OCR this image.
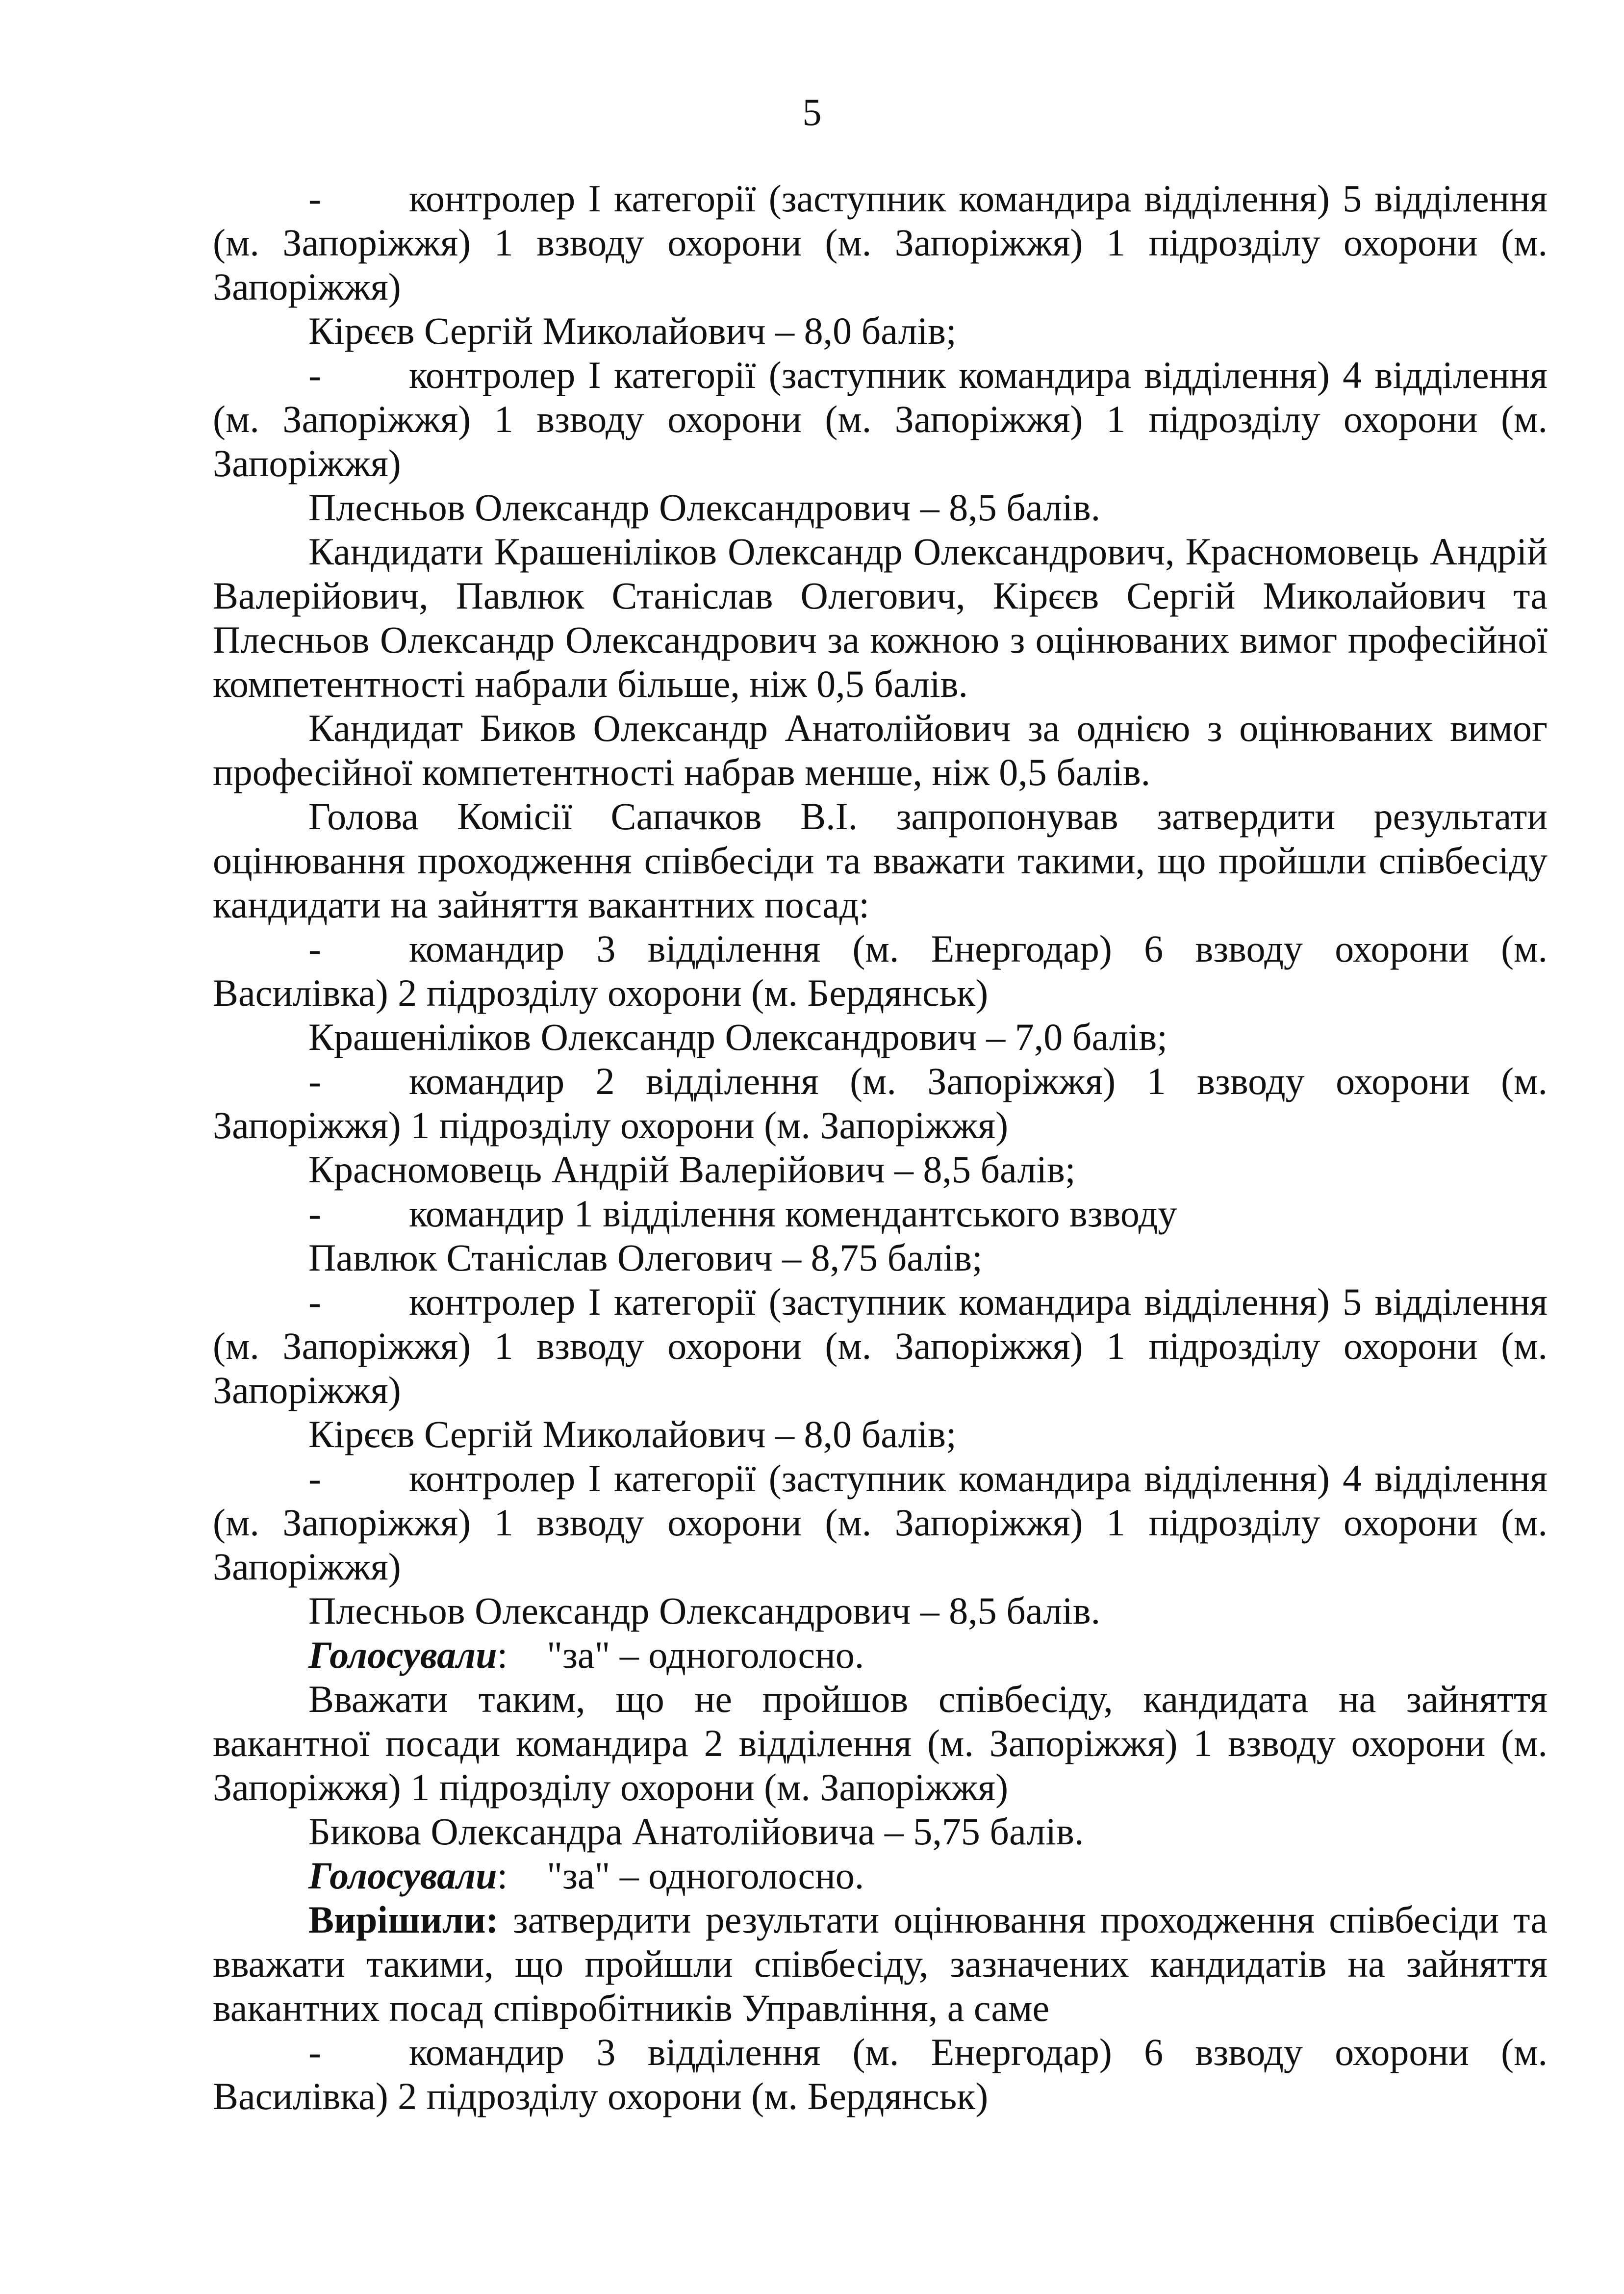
5

- контролер І категорії (заступник командира відділення) 5 відділення (м. Запоріжжя) 1 взводу охорони (м. Запоріжжя) 1 підрозділу охорони (м. Запоріжжя)

Кірєєв Сергій Миколайович – 8,0 балів;

- контролер І категорії (заступник командира відділення) 4 відділення (м. Запоріжжя) 1 взводу охорони (м. Запоріжжя) 1 підрозділу охорони (м. Запоріжжя)

Плесньов Олександр Олександрович – 8,5 балів.

Кандидати Крашеніліков Олександр Олександрович, Красномовець Андрій Валерійович, Павлюк Станіслав Олегович, Кірєєв Сергій Миколайович та Плесньов Олександр Олександрович за кожною з оцінюваних вимог професійної компетентності набрали більше, ніж 0,5 балів.

Кандидат Биков Олександр Анатолійович за однією з оцінюваних вимог професійної компетентності набрав менше, ніж 0,5 балів.

Голова Комісії Сапачков В.І. запропонував затвердити результати оцінювання проходження співбесіди та вважати такими, що пройшли співбесіду кандидати на зайняття вакантних посад:

- командир 3 відділення (м. Енергодар) 6 взводу охорони (м. Василівка) 2 підрозділу охорони (м. Бердянськ)

Крашеніліков Олександр Олександрович – 7,0 балів;

- командир 2 відділення (м. Запоріжжя) 1 взводу охорони (м. Запоріжжя) 1 підрозділу охорони (м. Запоріжжя)

Красномовець Андрій Валерійович – 8,5 балів;

- командир 1 відділення комендантського взводу

Павлюк Станіслав Олегович – 8,75 балів;

- контролер І категорії (заступник командира відділення) 5 відділення (м. Запоріжжя) 1 взводу охорони (м. Запоріжжя) 1 підрозділу охорони (м. Запоріжжя)

Кірєєв Сергій Миколайович – 8,0 балів;

- контролер І категорії (заступник командира відділення) 4 відділення (м. Запоріжжя) 1 взводу охорони (м. Запоріжжя) 1 підрозділу охорони (м. Запоріжжя)

Плесньов Олександр Олександрович – 8,5 балів.

Голосували: "за" – одноголосно.

Вважати таким, що не пройшов співбесіду, кандидата на зайняття вакантної посади командира 2 відділення (м. Запоріжжя) 1 взводу охорони (м. Запоріжжя) 1 підрозділу охорони (м. Запоріжжя)

Бикова Олександра Анатолійовича – 5,75 балів.

Голосували: "за" – одноголосно.

Вирішили: затвердити результати оцінювання проходження співбесіди та вважати такими, що пройшли співбесіду, зазначених кандидатів на зайняття вакантних посад співробітників Управління, а саме

- командир 3 відділення (м. Енергодар) 6 взводу охорони (м. Василівка) 2 підрозділу охорони (м. Бердянськ)
